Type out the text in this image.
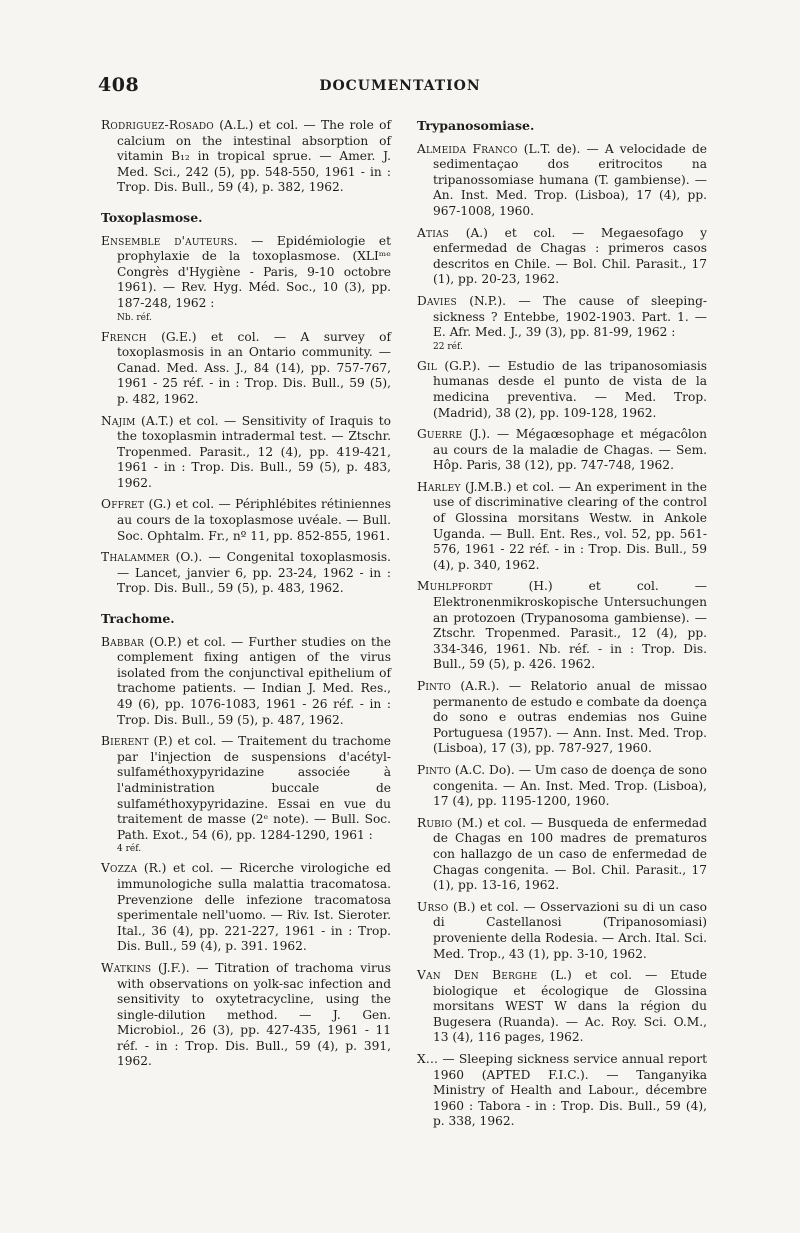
408	DOCUMENTATION
Rodriguez-Rosado (A.L.) et col. — The role of calcium on the intestinal absorption of vitamin B₁₂ in tropical sprue. — Amer. J. Med. Sci., 242 (5), pp. 548-550, 1961 - in : Trop. Dis. Bull., 59 (4), p. 382, 1962.
Toxoplasmose.
Ensemble d'auteurs. — Epidémiologie et prophylaxie de la toxoplasmose. (XLIᵐᵉ Congrès d'Hygiène - Paris, 9-10 octobre 1961). — Rev. Hyg. Méd. Soc., 10 (3), pp. 187-248, 1962 :
Nb. réf.
French (G.E.) et col. — A survey of toxoplasmosis in an Ontario community. — Canad. Med. Ass. J., 84 (14), pp. 757-767, 1961 - 25 réf. - in : Trop. Dis. Bull., 59 (5), p. 482, 1962.
Najim (A.T.) et col. — Sensitivity of Iraquis to the toxoplasmin intradermal test. — Ztschr. Tropenmed. Parasit., 12 (4), pp. 419-421, 1961 - in : Trop. Dis. Bull., 59 (5), p. 483, 1962.
Offret (G.) et col. — Périphlébites rétiniennes au cours de la toxoplasmose uvéale. — Bull. Soc. Ophtalm. Fr., nº 11, pp. 852-855, 1961.
Thalammer (O.). — Congenital toxoplasmosis. — Lancet, janvier 6, pp. 23-24, 1962 - in : Trop. Dis. Bull., 59 (5), p. 483, 1962.
Trachome.
Babbar (O.P.) et col. — Further studies on the complement fixing antigen of the virus isolated from the conjunctival epithelium of trachome patients. — Indian J. Med. Res., 49 (6), pp. 1076-1083, 1961 - 26 réf. - in : Trop. Dis. Bull., 59 (5), p. 487, 1962.
Bierent (P.) et col. — Traitement du trachome par l'injection de suspensions d'acétyl-sulfaméthoxypyridazine associée à l'administration buccale de sulfaméthoxypyridazine. Essai en vue du traitement de masse (2ᵉ note). — Bull. Soc. Path. Exot., 54 (6), pp. 1284-1290, 1961 :
4 réf.
Vozza (R.) et col. — Ricerche virologiche ed immunologiche sulla malattia tracomatosa. Prevenzione delle infezione tracomatosa sperimentale nell'uomo. — Riv. Ist. Sieroter. Ital., 36 (4), pp. 221-227, 1961 - in : Trop. Dis. Bull., 59 (4), p. 391. 1962.
Watkins (J.F.). — Titration of trachoma virus with observations on yolk-sac infection and sensitivity to oxytetracycline, using the single-dilution method. — J. Gen. Microbiol., 26 (3), pp. 427-435, 1961 - 11 réf. - in : Trop. Dis. Bull., 59 (4), p. 391, 1962.
Trypanosomiase.
Almeida Franco (L.T. de). — A velocidade de sedimentaçao dos eritrocitos na tripanossomiase humana (T. gambiense). — An. Inst. Med. Trop. (Lisboa), 17 (4), pp. 967-1008, 1960.
Atias (A.) et col. — Megaesofago y enfermedad de Chagas : primeros casos descritos en Chile. — Bol. Chil. Parasit., 17 (1), pp. 20-23, 1962.
Davies (N.P.). — The cause of sleeping-sickness ? Entebbe, 1902-1903. Part. 1. — E. Afr. Med. J., 39 (3), pp. 81-99, 1962 :
22 réf.
Gil (G.P.). — Estudio de las tripanosomiasis humanas desde el punto de vista de la medicina preventiva. — Med. Trop. (Madrid), 38 (2), pp. 109-128, 1962.
Guerre (J.). — Mégaœsophage et mégacôlon au cours de la maladie de Chagas. — Sem. Hôp. Paris, 38 (12), pp. 747-748, 1962.
Harley (J.M.B.) et col. — An experiment in the use of discriminative clearing of the control of Glossina morsitans Westw. in Ankole Uganda. — Bull. Ent. Res., vol. 52, pp. 561-576, 1961 - 22 réf. - in : Trop. Dis. Bull., 59 (4), p. 340, 1962.
Muhlpfordt (H.) et col. — Elektronenmikroskopische Untersuchungen an protozoen (Trypanosoma gambiense). — Ztschr. Tropenmed. Parasit., 12 (4), pp. 334-346, 1961. Nb. réf. - in : Trop. Dis. Bull., 59 (5), p. 426. 1962.
Pinto (A.R.). — Relatorio anual de missao permanento de estudo e combate da doença do sono e outras endemias nos Guine Portuguesa (1957). — Ann. Inst. Med. Trop. (Lisboa), 17 (3), pp. 787-927, 1960.
Pinto (A.C. Do). — Um caso de doença de sono congenita. — An. Inst. Med. Trop. (Lisboa), 17 (4), pp. 1195-1200, 1960.
Rubio (M.) et col. — Busqueda de enfermedad de Chagas en 100 madres de prematuros con hallazgo de un caso de enfermedad de Chagas congenita. — Bol. Chil. Parasit., 17 (1), pp. 13-16, 1962.
Urso (B.) et col. — Osservazioni su di un caso di Castellanosi (Tripanosomiasi) proveniente della Rodesia. — Arch. Ital. Sci. Med. Trop., 43 (1), pp. 3-10, 1962.
Van Den Berghe (L.) et col. — Etude biologique et écologique de Glossina morsitans WEST W dans la région du Bugesera (Ruanda). — Ac. Roy. Sci. O.M., 13 (4), 116 pages, 1962.
X... — Sleeping sickness service annual report 1960 (APTED F.I.C.). — Tanganyika Ministry of Health and Labour., décembre 1960 : Tabora - in : Trop. Dis. Bull., 59 (4), p. 338, 1962.
